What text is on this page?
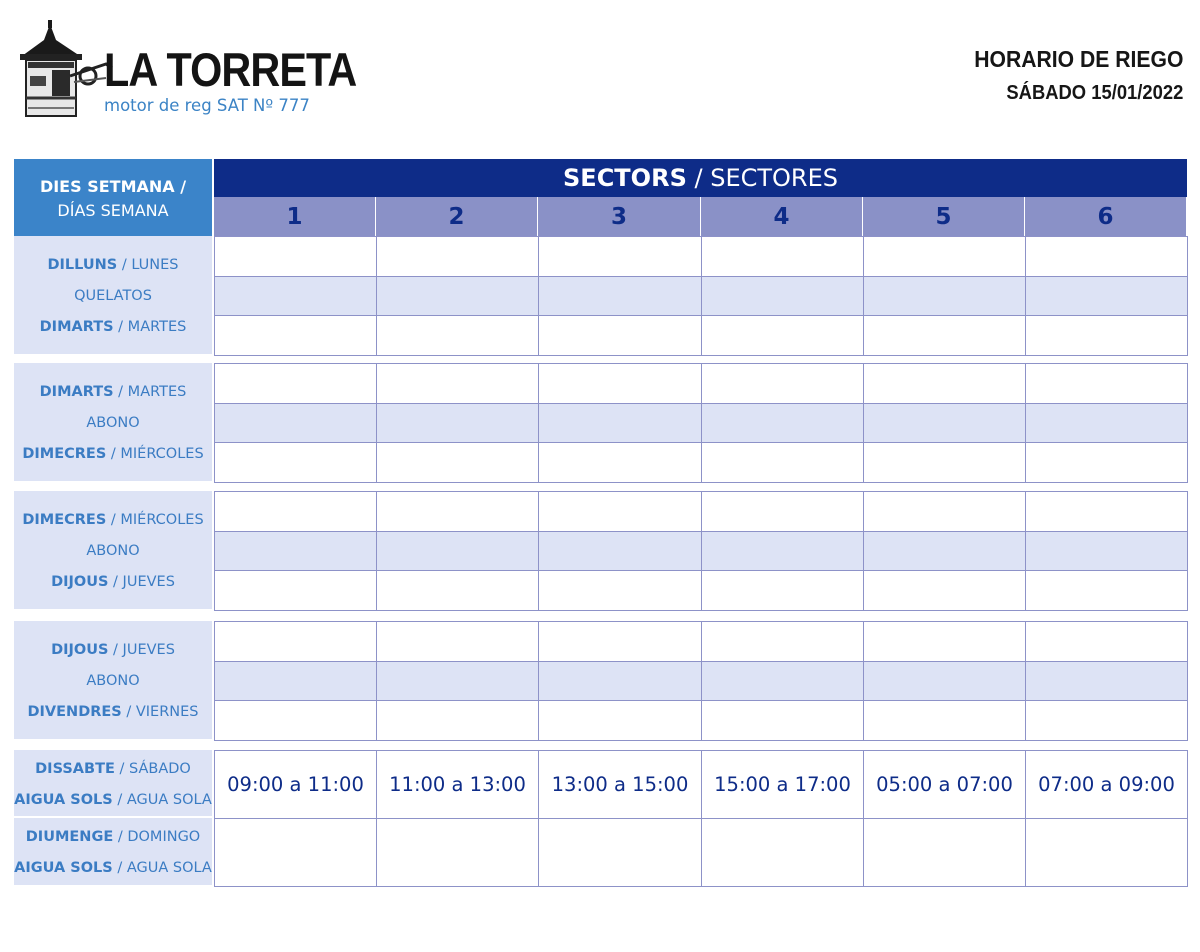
LA TORRETA
motor de reg SAT Nº 777
HORARIO DE RIEGO
SÁBADO 15/01/2022
DIES SETMANA /
DÍAS SEMANA
SECTORS / SECTORES
1	2	3	4	5	6
DILLUNS / LUNES
QUELATOS
DIMARTS / MARTES
DIMARTS / MARTES
ABONO
DIMECRES / MIÉRCOLES
DIMECRES / MIÉRCOLES
ABONO
DIJOUS / JUEVES
DIJOUS / JUEVES
ABONO
DIVENDRES / VIERNES
DISSABTE / SÁBADO
AIGUA SOLS / AGUA SOLA
09:00 a 11:00	11:00 a 13:00	13:00 a 15:00	15:00 a 17:00	05:00 a 07:00	07:00 a 09:00
DIUMENGE / DOMINGO
AIGUA SOLS / AGUA SOLA
